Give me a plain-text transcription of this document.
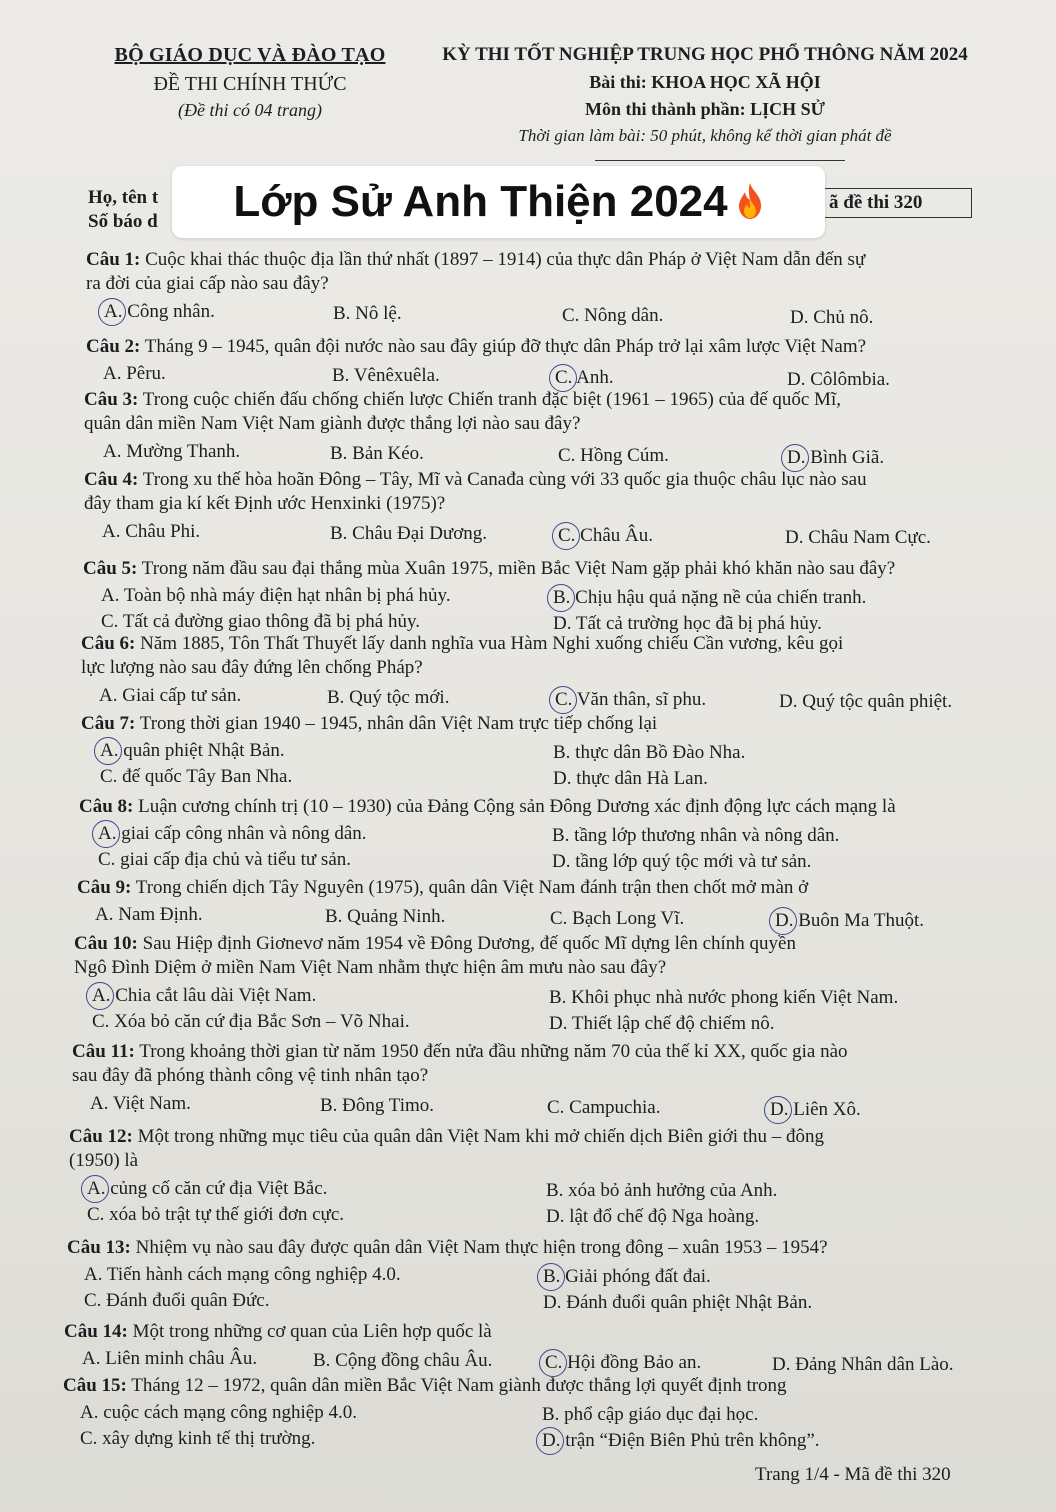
BỘ GIÁO DỤC VÀ ĐÀO TẠO
ĐỀ THI CHÍNH THỨC
(Đề thi có 04 trang)
KỲ THI TỐT NGHIỆP TRUNG HỌC PHỔ THÔNG NĂM 2024
Bài thi: KHOA HỌC XÃ HỘI
Môn thi thành phần: LỊCH SỬ
Thời gian làm bài: 50 phút, không kể thời gian phát đề
Họ, tên t
Số báo d
ã đề thi 320
Lớp Sử Anh Thiện 2024
Câu 1: Cuộc khai thác thuộc địa lần thứ nhất (1897 – 1914) của thực dân Pháp ở Việt Nam dẫn đến sự
ra đời của giai cấp nào sau đây?
A. Công nhân.	B. Nô lệ.	C. Nông dân.	D. Chủ nô.
Câu 2: Tháng 9 – 1945, quân đội nước nào sau đây giúp đỡ thực dân Pháp trở lại xâm lược Việt Nam?
A. Pêru.	B. Vênêxuêla.	C. Anh.	D. Côlômbia.
Câu 3: Trong cuộc chiến đấu chống chiến lược Chiến tranh đặc biệt (1961 – 1965) của đế quốc Mĩ,
quân dân miền Nam Việt Nam giành được thắng lợi nào sau đây?
A. Mường Thanh.	B. Bản Kéo.	C. Hồng Cúm.	D. Bình Giã.
Câu 4: Trong xu thế hòa hoãn Đông – Tây, Mĩ và Canađa cùng với 33 quốc gia thuộc châu lục nào sau
đây tham gia kí kết Định ước Henxinki (1975)?
A. Châu Phi.	B. Châu Đại Dương.	C. Châu Âu.	D. Châu Nam Cực.
Câu 5: Trong năm đầu sau đại thắng mùa Xuân 1975, miền Bắc Việt Nam gặp phải khó khăn nào sau đây?
A. Toàn bộ nhà máy điện hạt nhân bị phá hủy.	B. Chịu hậu quả nặng nề của chiến tranh.
C. Tất cả đường giao thông đã bị phá hủy.	D. Tất cả trường học đã bị phá hủy.
Câu 6: Năm 1885, Tôn Thất Thuyết lấy danh nghĩa vua Hàm Nghi xuống chiếu Cần vương, kêu gọi
lực lượng nào sau đây đứng lên chống Pháp?
A. Giai cấp tư sản.	B. Quý tộc mới.	C. Văn thân, sĩ phu.	D. Quý tộc quân phiệt.
Câu 7: Trong thời gian 1940 – 1945, nhân dân Việt Nam trực tiếp chống lại
A. quân phiệt Nhật Bản.	B. thực dân Bồ Đào Nha.
C. đế quốc Tây Ban Nha.	D. thực dân Hà Lan.
Câu 8: Luận cương chính trị (10 – 1930) của Đảng Cộng sản Đông Dương xác định động lực cách mạng là
A. giai cấp công nhân và nông dân.	B. tầng lớp thương nhân và nông dân.
C. giai cấp địa chủ và tiểu tư sản.	D. tầng lớp quý tộc mới và tư sản.
Câu 9: Trong chiến dịch Tây Nguyên (1975), quân dân Việt Nam đánh trận then chốt mở màn ở
A. Nam Định.	B. Quảng Ninh.	C. Bạch Long Vĩ.	D. Buôn Ma Thuột.
Câu 10: Sau Hiệp định Giơnevơ năm 1954 về Đông Dương, đế quốc Mĩ dựng lên chính quyền
Ngô Đình Diệm ở miền Nam Việt Nam nhằm thực hiện âm mưu nào sau đây?
A. Chia cắt lâu dài Việt Nam.	B. Khôi phục nhà nước phong kiến Việt Nam.
C. Xóa bỏ căn cứ địa Bắc Sơn – Võ Nhai.	D. Thiết lập chế độ chiếm nô.
Câu 11: Trong khoảng thời gian từ năm 1950 đến nửa đầu những năm 70 của thế kỉ XX, quốc gia nào
sau đây đã phóng thành công vệ tinh nhân tạo?
A. Việt Nam.	B. Đông Timo.	C. Campuchia.	D. Liên Xô.
Câu 12: Một trong những mục tiêu của quân dân Việt Nam khi mở chiến dịch Biên giới thu – đông
(1950) là
A. củng cố căn cứ địa Việt Bắc.	B. xóa bỏ ảnh hưởng của Anh.
C. xóa bỏ trật tự thế giới đơn cực.	D. lật đổ chế độ Nga hoàng.
Câu 13: Nhiệm vụ nào sau đây được quân dân Việt Nam thực hiện trong đông – xuân 1953 – 1954?
A. Tiến hành cách mạng công nghiệp 4.0.	B. Giải phóng đất đai.
C. Đánh đuổi quân Đức.	D. Đánh đuổi quân phiệt Nhật Bản.
Câu 14: Một trong những cơ quan của Liên hợp quốc là
A. Liên minh châu Âu.	B. Cộng đồng châu Âu.	C. Hội đồng Bảo an.	D. Đảng Nhân dân Lào.
Câu 15: Tháng 12 – 1972, quân dân miền Bắc Việt Nam giành được thắng lợi quyết định trong
A. cuộc cách mạng công nghiệp 4.0.	B. phổ cập giáo dục đại học.
C. xây dựng kinh tế thị trường.	D. trận “Điện Biên Phủ trên không”.
Trang 1/4 - Mã đề thi 320
